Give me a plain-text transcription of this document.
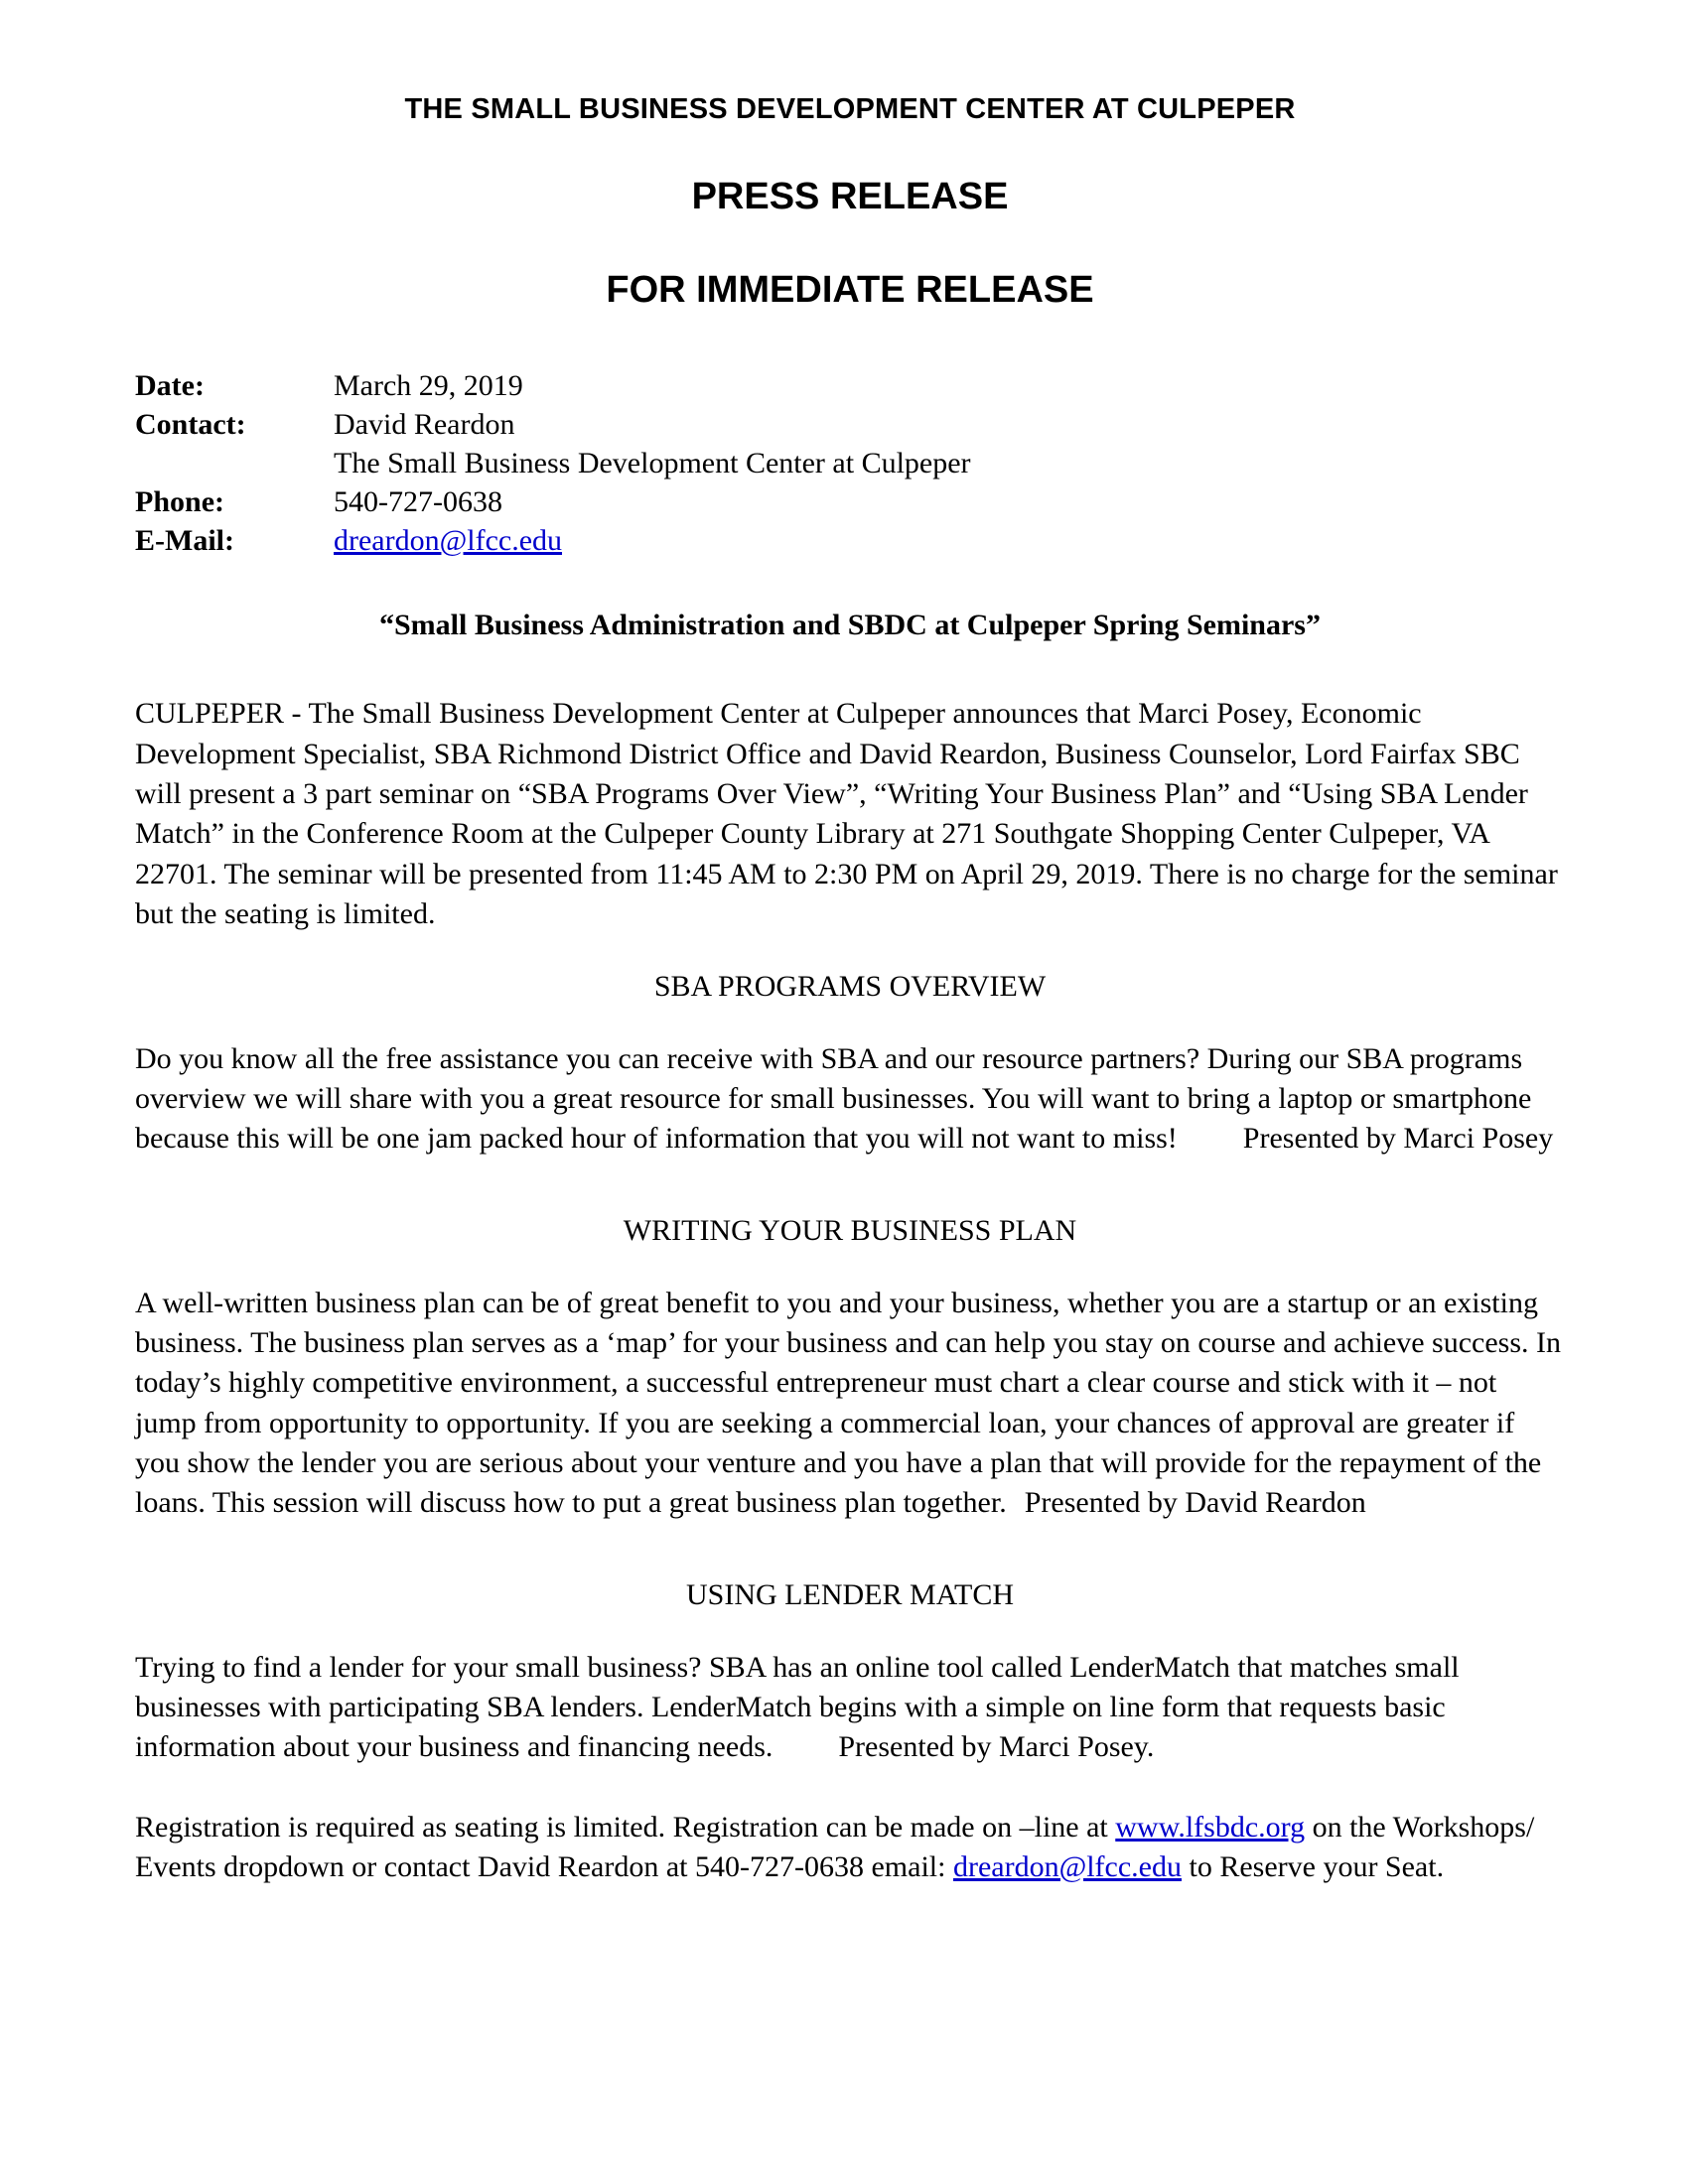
THE SMALL BUSINESS DEVELOPMENT CENTER AT CULPEPER
PRESS RELEASE
FOR IMMEDIATE RELEASE
Date:	March 29, 2019
Contact:	David Reardon
The Small Business Development Center at Culpeper
Phone:	540-727-0638
E-Mail:	dreardon@lfcc.edu
“Small Business Administration and SBDC at Culpeper Spring Seminars”
CULPEPER - The Small Business Development Center at Culpeper announces that Marci Posey, Economic Development Specialist, SBA Richmond District Office and David Reardon, Business Counselor, Lord Fairfax SBC will present a 3 part seminar on “SBA Programs Over View”, “Writing Your Business Plan” and “Using SBA Lender Match” in the Conference Room at the Culpeper County Library at 271 Southgate Shopping Center Culpeper, VA 22701. The seminar will be presented from 11:45 AM to 2:30 PM on April 29, 2019. There is no charge for the seminar but the seating is limited.
SBA PROGRAMS OVERVIEW
Do you know all the free assistance you can receive with SBA and our resource partners? During our SBA programs overview we will share with you a great resource for small businesses. You will want to bring a laptop or smartphone because this will be one jam packed hour of information that you will not want to miss! Presented by Marci Posey
WRITING YOUR BUSINESS PLAN
A well-written business plan can be of great benefit to you and your business, whether you are a startup or an existing business. The business plan serves as a ‘map’ for your business and can help you stay on course and achieve success. In today’s highly competitive environment, a successful entrepreneur must chart a clear course and stick with it – not jump from opportunity to opportunity. If you are seeking a commercial loan, your chances of approval are greater if you show the lender you are serious about your venture and you have a plan that will provide for the repayment of the loans. This session will discuss how to put a great business plan together. Presented by David Reardon
USING LENDER MATCH
Trying to find a lender for your small business? SBA has an online tool called LenderMatch that matches small businesses with participating SBA lenders. LenderMatch begins with a simple on line form that requests basic information about your business and financing needs. Presented by Marci Posey.
Registration is required as seating is limited. Registration can be made on –line at www.lfsbdc.org on the Workshops/ Events dropdown or contact David Reardon at 540-727-0638 email: dreardon@lfcc.edu to Reserve your Seat.
